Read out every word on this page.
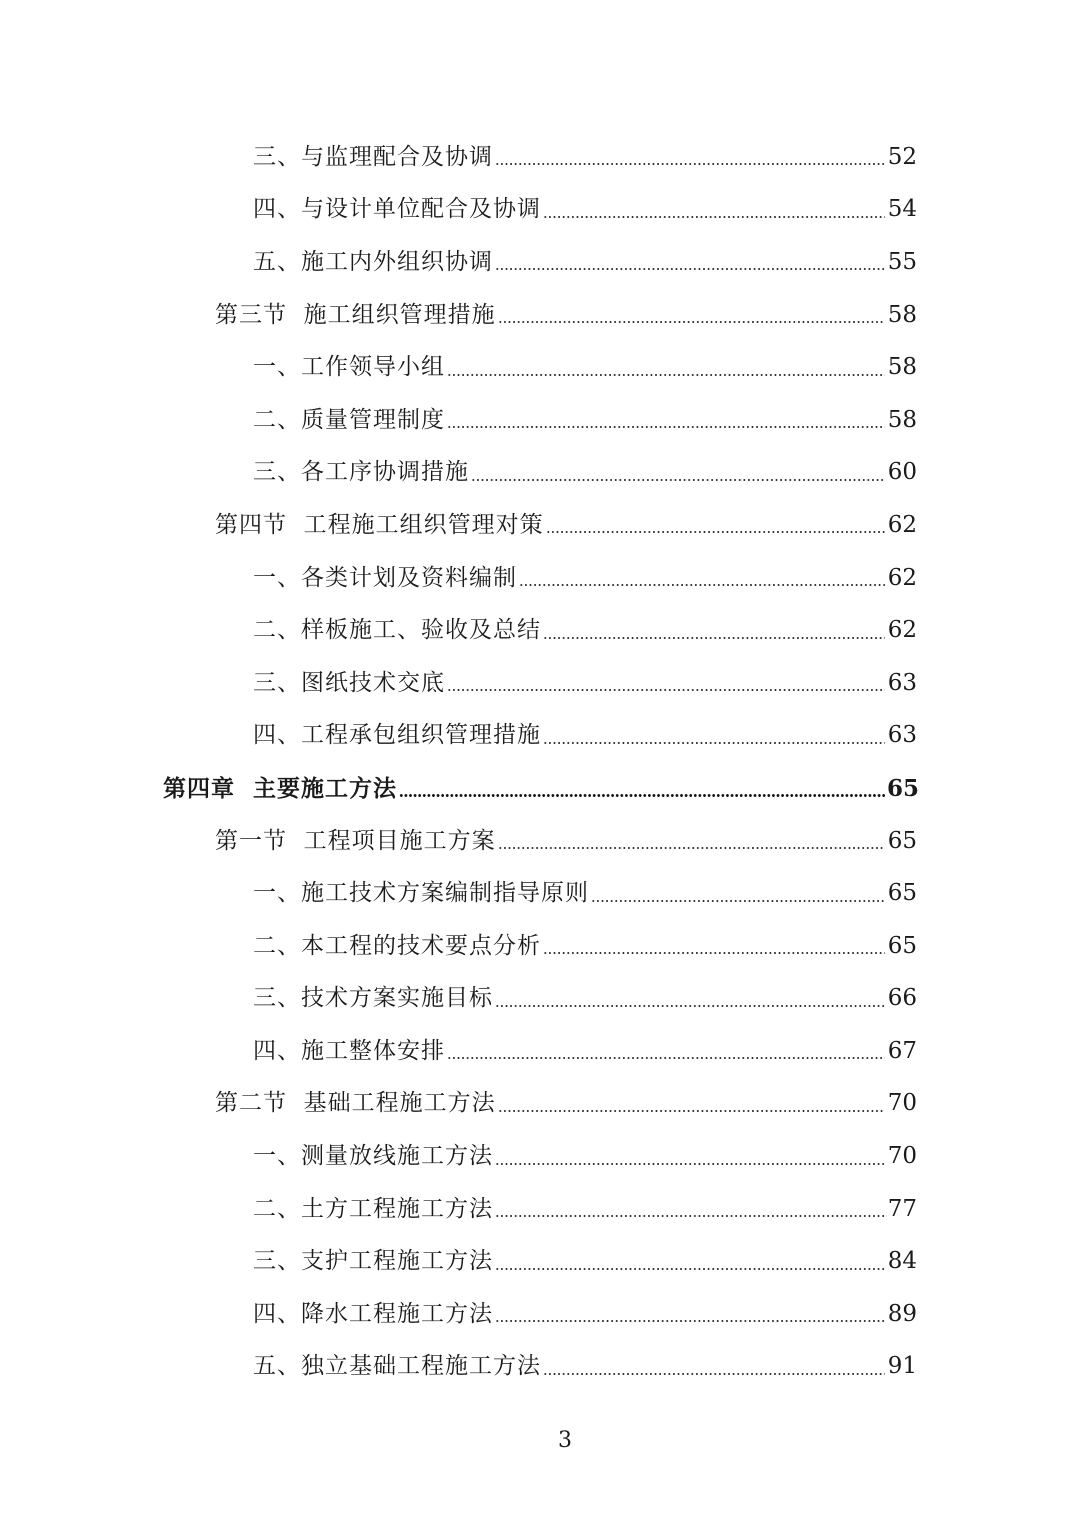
三、与监理配合及协调	52
四、与设计单位配合及协调	54
五、施工内外组织协调	55
第三节  施工组织管理措施	58
一、工作领导小组	58
二、质量管理制度	58
三、各工序协调措施	60
第四节  工程施工组织管理对策	62
一、各类计划及资料编制	62
二、样板施工、验收及总结	62
三、图纸技术交底	63
四、工程承包组织管理措施	63
第四章  主要施工方法	65
第一节  工程项目施工方案	65
一、施工技术方案编制指导原则	65
二、本工程的技术要点分析	65
三、技术方案实施目标	66
四、施工整体安排	67
第二节  基础工程施工方法	70
一、测量放线施工方法	70
二、土方工程施工方法	77
三、支护工程施工方法	84
四、降水工程施工方法	89
五、独立基础工程施工方法	91
3
